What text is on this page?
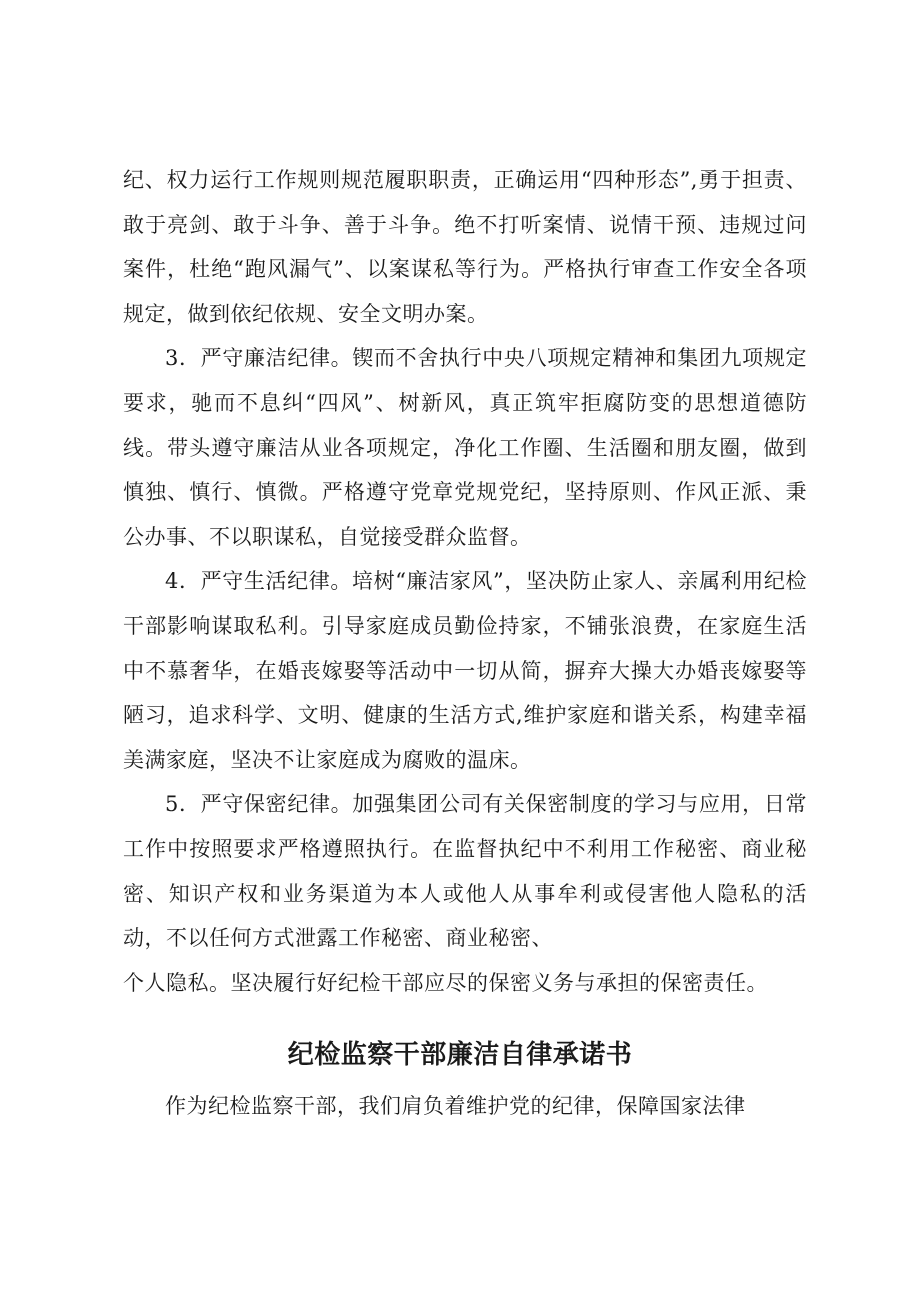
纪、权力运行工作规则规范履职职责，正确运用“四种形态”,勇于担责、敢于亮剑、敢于斗争、善于斗争。绝不打听案情、说情干预、违规过问案件，杜绝“跑风漏气”、以案谋私等行为。严格执行审查工作安全各项规定，做到依纪依规、安全文明办案。

3．严守廉洁纪律。锲而不舍执行中央八项规定精神和集团九项规定要求，驰而不息纠“四风”、树新风，真正筑牢拒腐防变的思想道德防线。带头遵守廉洁从业各项规定，净化工作圈、生活圈和朋友圈，做到慎独、慎行、慎微。严格遵守党章党规党纪，坚持原则、作风正派、秉公办事、不以职谋私，自觉接受群众监督。

4．严守生活纪律。培树“廉洁家风”，坚决防止家人、亲属利用纪检干部影响谋取私利。引导家庭成员勤俭持家，不铺张浪费，在家庭生活中不慕奢华，在婚丧嫁娶等活动中一切从简，摒弃大操大办婚丧嫁娶等陋习，追求科学、文明、健康的生活方式,维护家庭和谐关系，构建幸福美满家庭，坚决不让家庭成为腐败的温床。

5．严守保密纪律。加强集团公司有关保密制度的学习与应用，日常工作中按照要求严格遵照执行。在监督执纪中不利用工作秘密、商业秘密、知识产权和业务渠道为本人或他人从事牟利或侵害他人隐私的活动，不以任何方式泄露工作秘密、商业秘密、

个人隐私。坚决履行好纪检干部应尽的保密义务与承担的保密责任。

纪检监察干部廉洁自律承诺书

作为纪检监察干部，我们肩负着维护党的纪律，保障国家法律
